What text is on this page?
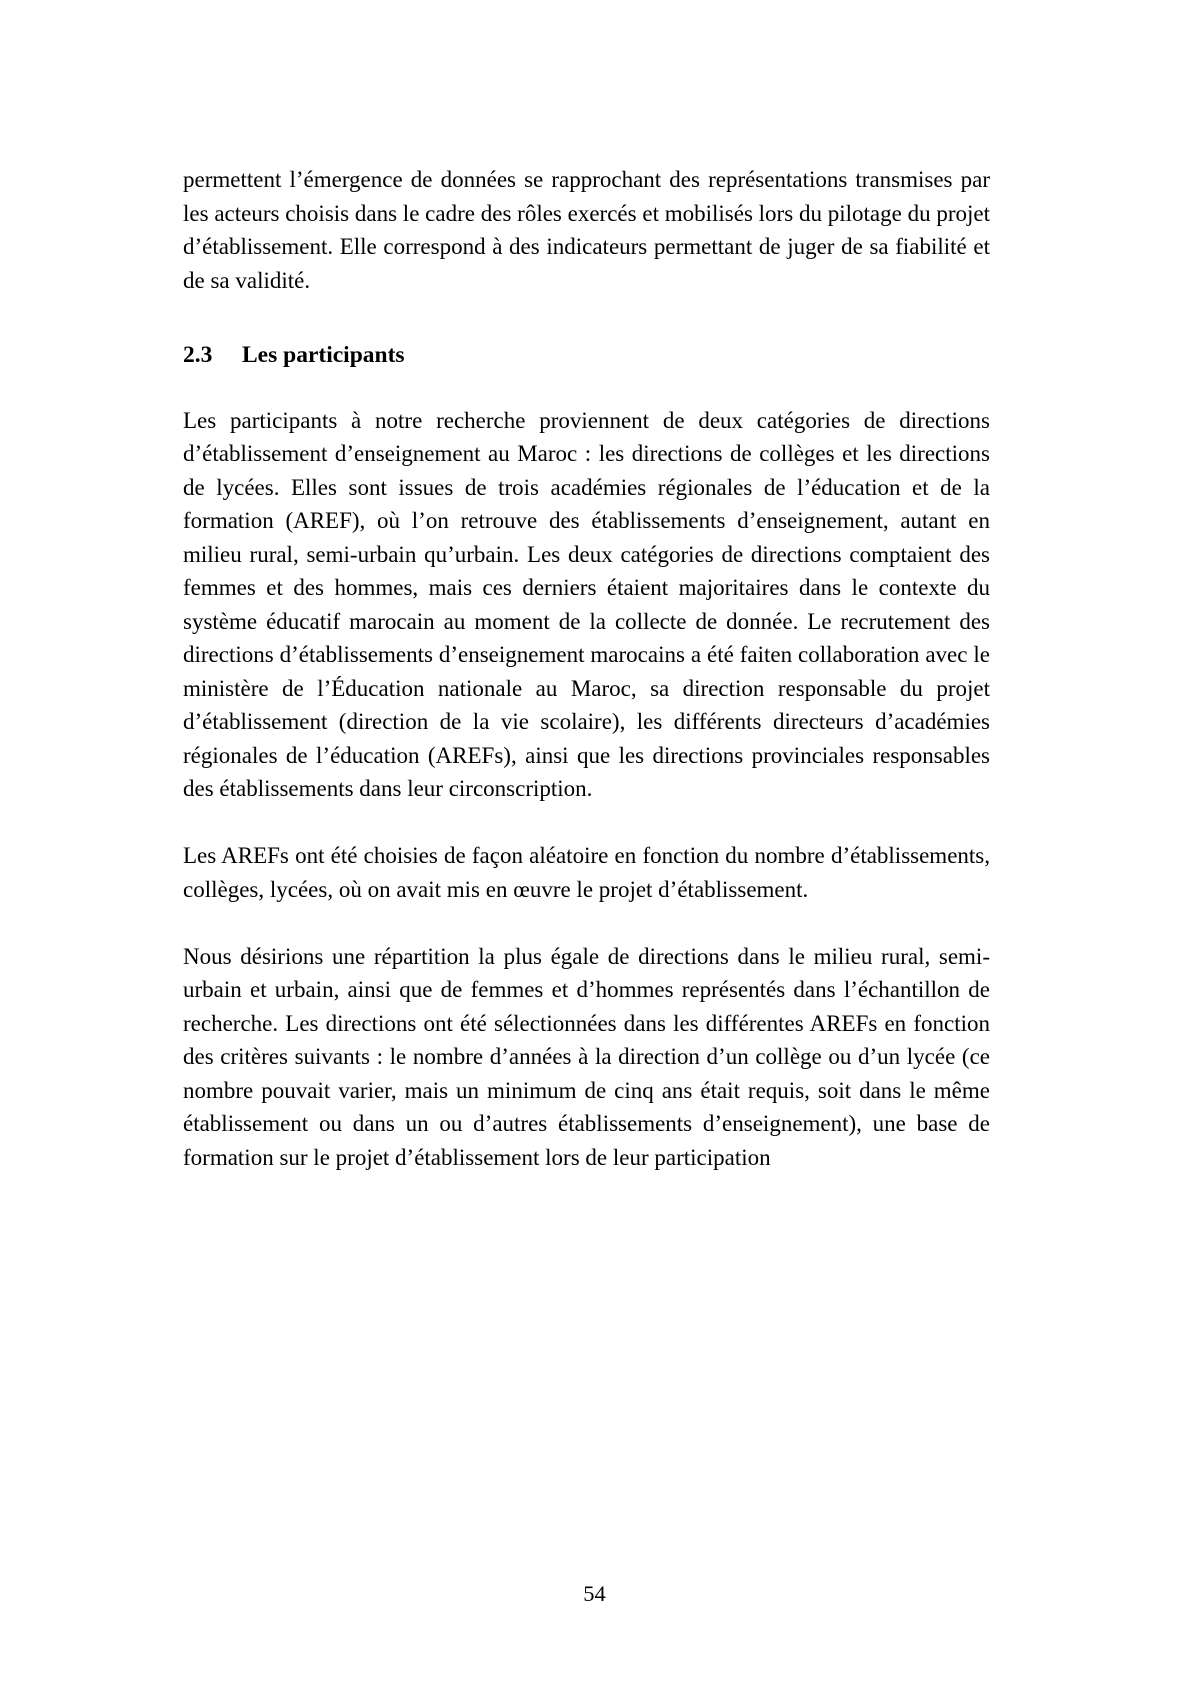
permettent l’émergence de données se rapprochant des représentations transmises par les acteurs choisis dans le cadre des rôles exercés et mobilisés lors du pilotage du projet d’établissement. Elle correspond à des indicateurs permettant de juger de sa fiabilité et de sa validité.

2.3 Les participants

Les participants à notre recherche proviennent de deux catégories de directions d’établissement d’enseignement au Maroc : les directions de collèges et les directions de lycées. Elles sont issues de trois académies régionales de l’éducation et de la formation (AREF), où l’on retrouve des établissements d’enseignement, autant en milieu rural, semi-urbain qu’urbain. Les deux catégories de directions comptaient des femmes et des hommes, mais ces derniers étaient majoritaires dans le contexte du système éducatif marocain au moment de la collecte de donnée. Le recrutement des directions d’établissements d’enseignement marocains a été faiten collaboration avec le ministère de l’Éducation nationale au Maroc, sa direction responsable du projet d’établissement (direction de la vie scolaire), les différents directeurs d’académies régionales de l’éducation (AREFs), ainsi que les directions provinciales responsables des établissements dans leur circonscription.

Les AREFs ont été choisies de façon aléatoire en fonction du nombre d’établissements, collèges, lycées, où on avait mis en œuvre le projet d’établissement.

Nous désirions une répartition la plus égale de directions dans le milieu rural, semi- urbain et urbain, ainsi que de femmes et d’hommes représentés dans l’échantillon de recherche. Les directions ont été sélectionnées dans les différentes AREFs en fonction des critères suivants : le nombre d’années à la direction d’un collège ou d’un lycée (ce nombre pouvait varier, mais un minimum de cinq ans était requis, soit dans le même établissement ou dans un ou d’autres établissements d’enseignement), une base de formation sur le projet d’établissement lors de leur participation

54
